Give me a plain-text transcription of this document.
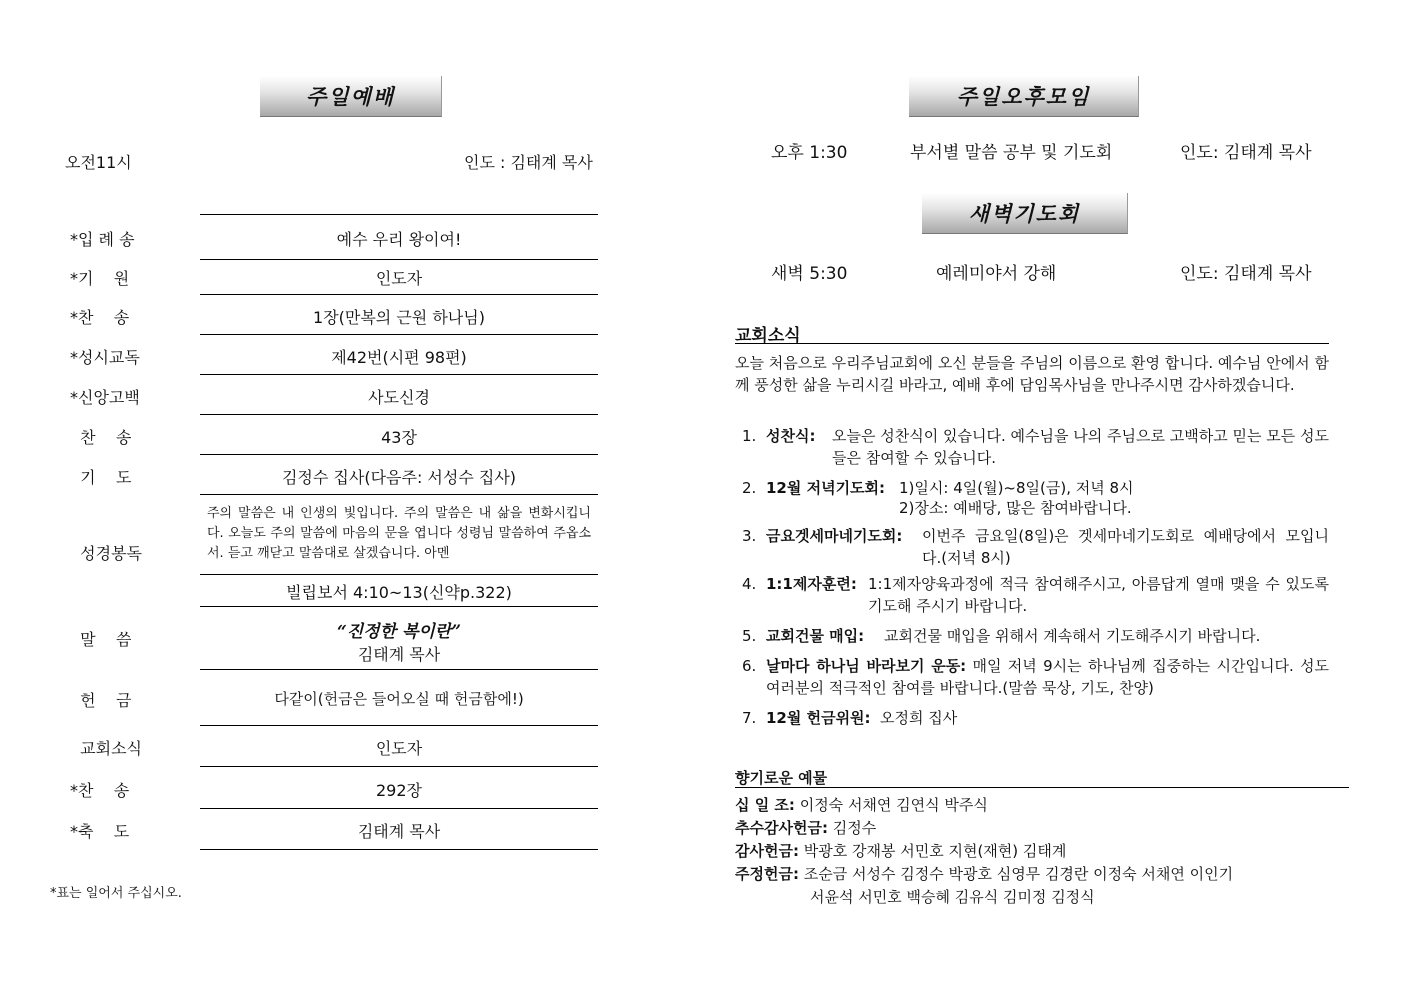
주일예배
오전11시	인도 : 김태계 목사
*입 례 송	예수 우리 왕이여!
*기    원	인도자
*찬    송	1장(만복의 근원 하나님)
*성시교독	제42번(시편 98편)
*신앙고백	사도신경
찬    송	43장
기    도	김정수 집사(다음주: 서성수 집사)
성경봉독
주의 말씀은 내 인생의 빛입니다. 주의 말씀은 내 삶을 변화시킵니다. 오늘도 주의 말씀에 마음의 문을 엽니다 성령님 말씀하여 주옵소서. 듣고 깨닫고 말씀대로 살겠습니다. 아멘
빌립보서 4:10~13(신약p.322)
말    씀	“진정한 복이란”
김태계 목사
헌    금	다같이(헌금은 들어오실 때 헌금함에!)
교회소식	인도자
*찬    송	292장
*축    도	김태계 목사
*표는 일어서 주십시오.
주일오후모임
오후 1:30	부서별 말씀 공부 및 기도회	인도: 김태계 목사
새벽기도회
새벽 5:30	예레미야서 강해	인도: 김태계 목사
교회소식
오늘 처음으로 우리주님교회에 오신 분들을 주님의 이름으로 환영 합니다. 예수님 안에서 함께 풍성한 삶을 누리시길 바라고, 예배 후에 담임목사님을 만나주시면 감사하겠습니다.
1. 성찬식: 오늘은 성찬식이 있습니다. 예수님을 나의 주님으로 고백하고 믿는 모든 성도들은 참여할 수 있습니다.
2. 12월 저녁기도회: 1)일시: 4일(월)~8일(금), 저녁 8시
2)장소: 예배당, 많은 참여바랍니다.
3. 금요겟세마네기도회: 이번주 금요일(8일)은 겟세마네기도회로 예배당에서 모입니다.(저녁 8시)
4. 1:1제자훈련: 1:1제자양육과정에 적극 참여해주시고, 아름답게 열매 맺을 수 있도록 기도해 주시기 바랍니다.
5. 교회건물 매입: 교회건물 매입을 위해서 계속해서 기도해주시기 바랍니다.
6. 날마다 하나님 바라보기 운동: 매일 저녁 9시는 하나님께 집중하는 시간입니다. 성도 여러분의 적극적인 참여를 바랍니다.(말씀 묵상, 기도, 찬양)
7. 12월 헌금위원: 오정희 집사
향기로운 예물
십 일 조: 이정숙 서채연 김연식 박주식
추수감사헌금: 김정수
감사헌금: 박광호 강재봉 서민호 지현(재현) 김태계
주정헌금: 조순금 서성수 김정수 박광호 심영무 김경란 이정숙 서채연 이인기
서윤석 서민호 백승혜 김유식 김미정 김정식
